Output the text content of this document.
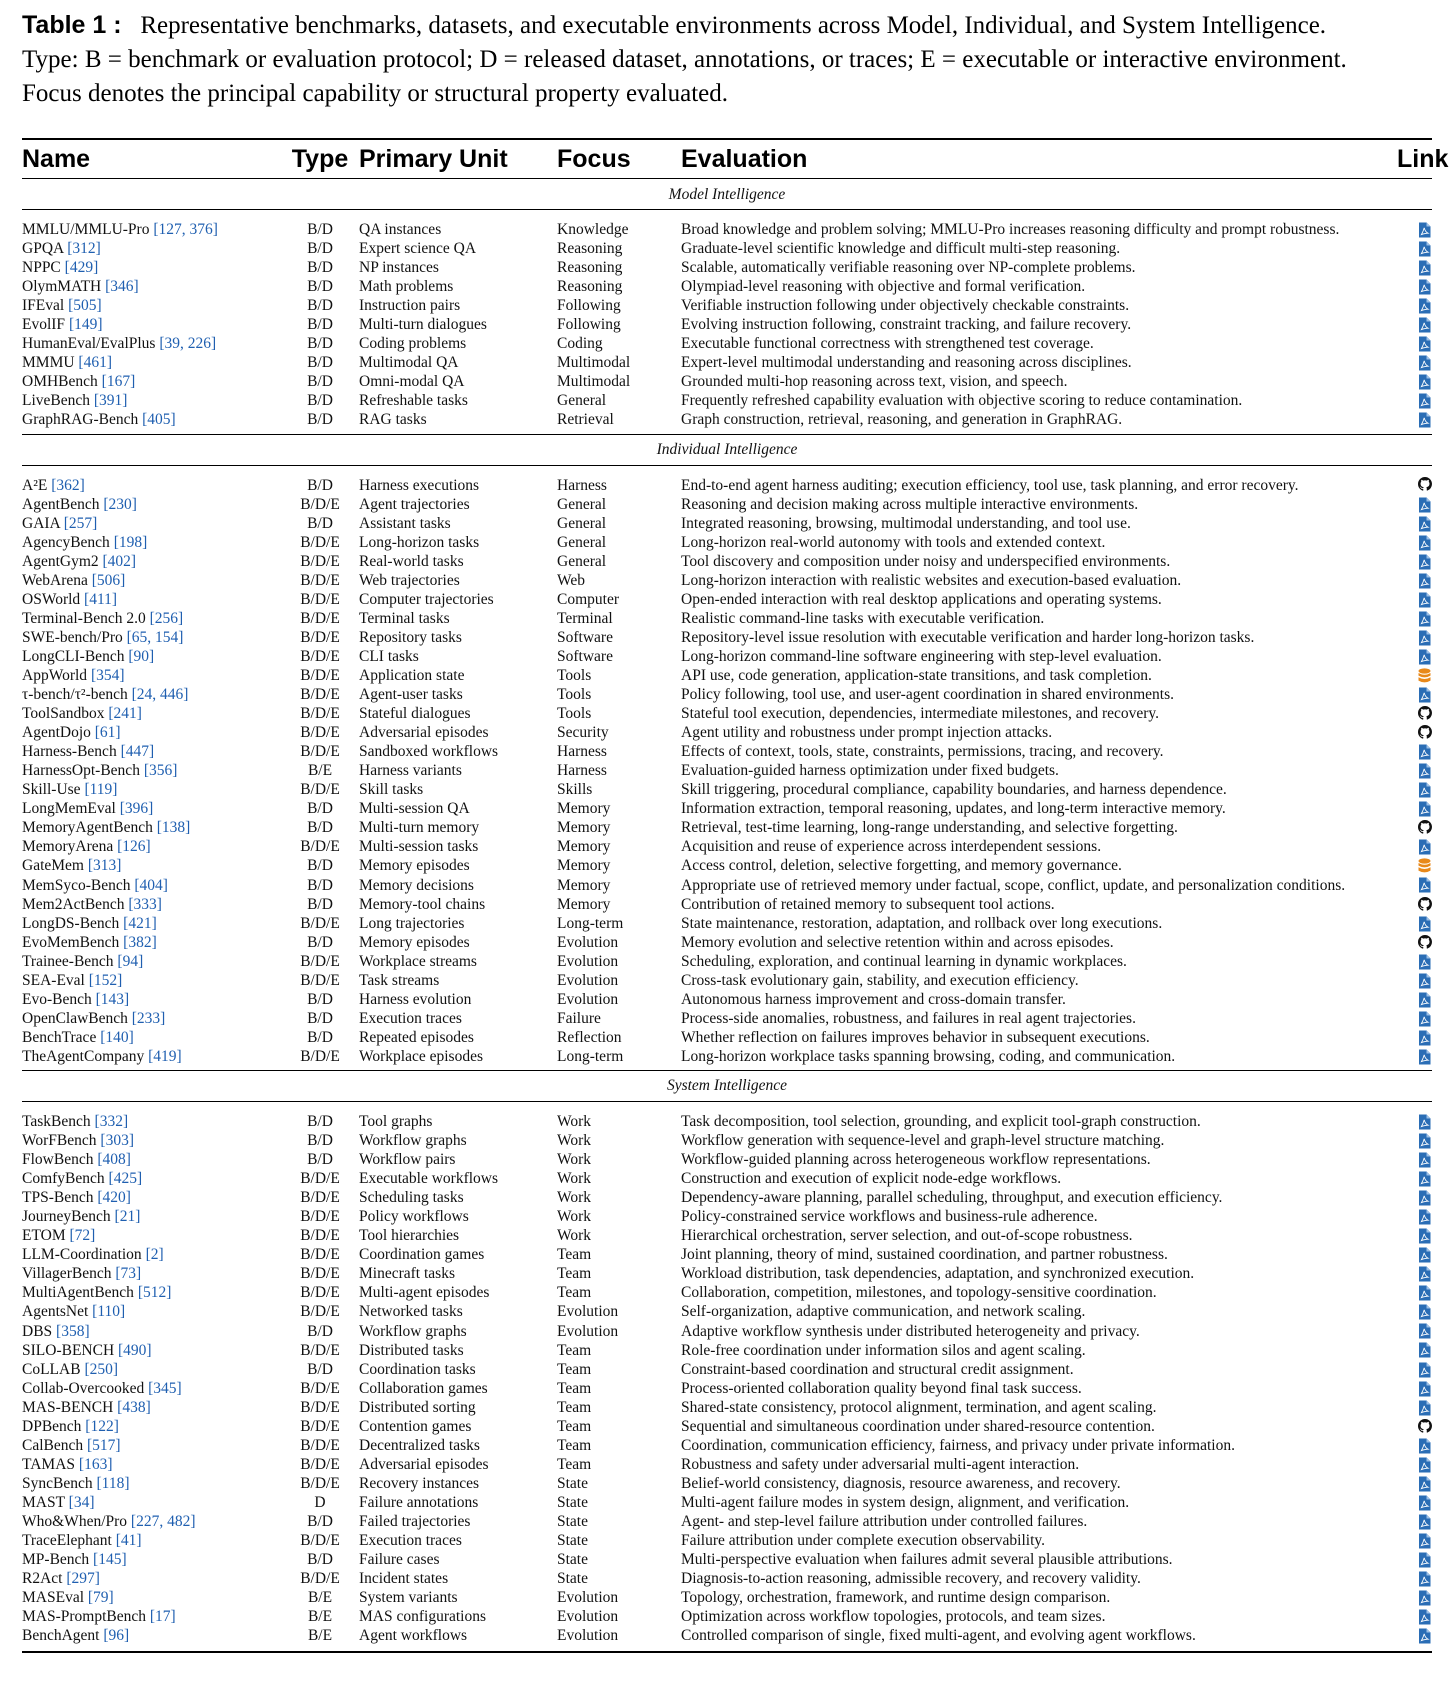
Table 1 : Representative benchmarks, datasets, and executable environments across Model, Individual, and System Intelligence.
Type: B = benchmark or evaluation protocol; D = released dataset, annotations, or traces; E = executable or interactive environment.
Focus denotes the principal capability or structural property evaluated.
Name	Type	Primary Unit	Focus	Evaluation	Link
Model Intelligence					

MMLU/MMLU-Pro [127, 376]	B/D	QA instances	Knowledge	Broad knowledge and problem solving; MMLU-Pro increases reasoning difficulty and prompt robustness.	

GPQA [312]	B/D	Expert science QA	Reasoning	Graduate-level scientific knowledge and difficult multi-step reasoning.	

NPPC [429]	B/D	NP instances	Reasoning	Scalable, automatically verifiable reasoning over NP-complete problems.	

OlymMATH [346]	B/D	Math problems	Reasoning	Olympiad-level reasoning with objective and formal verification.	

IFEval [505]	B/D	Instruction pairs	Following	Verifiable instruction following under objectively checkable constraints.	

EvolIF [149]	B/D	Multi-turn dialogues	Following	Evolving instruction following, constraint tracking, and failure recovery.	

HumanEval/EvalPlus [39, 226]	B/D	Coding problems	Coding	Executable functional correctness with strengthened test coverage.	

MMMU [461]	B/D	Multimodal QA	Multimodal	Expert-level multimodal understanding and reasoning across disciplines.	

OMHBench [167]	B/D	Omni-modal QA	Multimodal	Grounded multi-hop reasoning across text, vision, and speech.	

LiveBench [391]	B/D	Refreshable tasks	General	Frequently refreshed capability evaluation with objective scoring to reduce contamination.	

GraphRAG-Bench [405]	B/D	RAG tasks	Retrieval	Graph construction, retrieval, reasoning, and generation in GraphRAG.	

Individual Intelligence					

A²E [362]	B/D	Harness executions	Harness	End-to-end agent harness auditing; execution efficiency, tool use, task planning, and error recovery.	

AgentBench [230]	B/D/E	Agent trajectories	General	Reasoning and decision making across multiple interactive environments.	

GAIA [257]	B/D	Assistant tasks	General	Integrated reasoning, browsing, multimodal understanding, and tool use.	

AgencyBench [198]	B/D/E	Long-horizon tasks	General	Long-horizon real-world autonomy with tools and extended context.	

AgentGym2 [402]	B/D/E	Real-world tasks	General	Tool discovery and composition under noisy and underspecified environments.	

WebArena [506]	B/D/E	Web trajectories	Web	Long-horizon interaction with realistic websites and execution-based evaluation.	

OSWorld [411]	B/D/E	Computer trajectories	Computer	Open-ended interaction with real desktop applications and operating systems.	

Terminal-Bench 2.0 [256]	B/D/E	Terminal tasks	Terminal	Realistic command-line tasks with executable verification.	

SWE-bench/Pro [65, 154]	B/D/E	Repository tasks	Software	Repository-level issue resolution with executable verification and harder long-horizon tasks.	

LongCLI-Bench [90]	B/D/E	CLI tasks	Software	Long-horizon command-line software engineering with step-level evaluation.	

AppWorld [354]	B/D/E	Application state	Tools	API use, code generation, application-state transitions, and task completion.	

τ-bench/τ²-bench [24, 446]	B/D/E	Agent-user tasks	Tools	Policy following, tool use, and user-agent coordination in shared environments.	

ToolSandbox [241]	B/D/E	Stateful dialogues	Tools	Stateful tool execution, dependencies, intermediate milestones, and recovery.	

AgentDojo [61]	B/D/E	Adversarial episodes	Security	Agent utility and robustness under prompt injection attacks.	

Harness-Bench [447]	B/D/E	Sandboxed workflows	Harness	Effects of context, tools, state, constraints, permissions, tracing, and recovery.	

HarnessOpt-Bench [356]	B/E	Harness variants	Harness	Evaluation-guided harness optimization under fixed budgets.	

Skill-Use [119]	B/D/E	Skill tasks	Skills	Skill triggering, procedural compliance, capability boundaries, and harness dependence.	

LongMemEval [396]	B/D	Multi-session QA	Memory	Information extraction, temporal reasoning, updates, and long-term interactive memory.	

MemoryAgentBench [138]	B/D	Multi-turn memory	Memory	Retrieval, test-time learning, long-range understanding, and selective forgetting.	

MemoryArena [126]	B/D/E	Multi-session tasks	Memory	Acquisition and reuse of experience across interdependent sessions.	

GateMem [313]	B/D	Memory episodes	Memory	Access control, deletion, selective forgetting, and memory governance.	

MemSyco-Bench [404]	B/D	Memory decisions	Memory	Appropriate use of retrieved memory under factual, scope, conflict, update, and personalization conditions.	

Mem2ActBench [333]	B/D	Memory-tool chains	Memory	Contribution of retained memory to subsequent tool actions.	

LongDS-Bench [421]	B/D/E	Long trajectories	Long-term	State maintenance, restoration, adaptation, and rollback over long executions.	

EvoMemBench [382]	B/D	Memory episodes	Evolution	Memory evolution and selective retention within and across episodes.	

Trainee-Bench [94]	B/D/E	Workplace streams	Evolution	Scheduling, exploration, and continual learning in dynamic workplaces.	

SEA-Eval [152]	B/D/E	Task streams	Evolution	Cross-task evolutionary gain, stability, and execution efficiency.	

Evo-Bench [143]	B/D	Harness evolution	Evolution	Autonomous harness improvement and cross-domain transfer.	

OpenClawBench [233]	B/D	Execution traces	Failure	Process-side anomalies, robustness, and failures in real agent trajectories.	

BenchTrace [140]	B/D	Repeated episodes	Reflection	Whether reflection on failures improves behavior in subsequent executions.	

TheAgentCompany [419]	B/D/E	Workplace episodes	Long-term	Long-horizon workplace tasks spanning browsing, coding, and communication.	

System Intelligence					

TaskBench [332]	B/D	Tool graphs	Work	Task decomposition, tool selection, grounding, and explicit tool-graph construction.	

WorFBench [303]	B/D	Workflow graphs	Work	Workflow generation with sequence-level and graph-level structure matching.	

FlowBench [408]	B/D	Workflow pairs	Work	Workflow-guided planning across heterogeneous workflow representations.	

ComfyBench [425]	B/D/E	Executable workflows	Work	Construction and execution of explicit node-edge workflows.	

TPS-Bench [420]	B/D/E	Scheduling tasks	Work	Dependency-aware planning, parallel scheduling, throughput, and execution efficiency.	

JourneyBench [21]	B/D/E	Policy workflows	Work	Policy-constrained service workflows and business-rule adherence.	

ETOM [72]	B/D/E	Tool hierarchies	Work	Hierarchical orchestration, server selection, and out-of-scope robustness.	

LLM-Coordination [2]	B/D/E	Coordination games	Team	Joint planning, theory of mind, sustained coordination, and partner robustness.	

VillagerBench [73]	B/D/E	Minecraft tasks	Team	Workload distribution, task dependencies, adaptation, and synchronized execution.	

MultiAgentBench [512]	B/D/E	Multi-agent episodes	Team	Collaboration, competition, milestones, and topology-sensitive coordination.	

AgentsNet [110]	B/D/E	Networked tasks	Evolution	Self-organization, adaptive communication, and network scaling.	

DBS [358]	B/D	Workflow graphs	Evolution	Adaptive workflow synthesis under distributed heterogeneity and privacy.	

SILO-BENCH [490]	B/D/E	Distributed tasks	Team	Role-free coordination under information silos and agent scaling.	

CoLLAB [250]	B/D	Coordination tasks	Team	Constraint-based coordination and structural credit assignment.	

Collab-Overcooked [345]	B/D/E	Collaboration games	Team	Process-oriented collaboration quality beyond final task success.	

MAS-BENCH [438]	B/D/E	Distributed sorting	Team	Shared-state consistency, protocol alignment, termination, and agent scaling.	

DPBench [122]	B/D/E	Contention games	Team	Sequential and simultaneous coordination under shared-resource contention.	

CalBench [517]	B/D/E	Decentralized tasks	Team	Coordination, communication efficiency, fairness, and privacy under private information.	

TAMAS [163]	B/D/E	Adversarial episodes	Team	Robustness and safety under adversarial multi-agent interaction.	

SyncBench [118]	B/D/E	Recovery instances	State	Belief-world consistency, diagnosis, resource awareness, and recovery.	

MAST [34]	D	Failure annotations	State	Multi-agent failure modes in system design, alignment, and verification.	

Who&When/Pro [227, 482]	B/D	Failed trajectories	State	Agent- and step-level failure attribution under controlled failures.	

TraceElephant [41]	B/D/E	Execution traces	State	Failure attribution under complete execution observability.	

MP-Bench [145]	B/D	Failure cases	State	Multi-perspective evaluation when failures admit several plausible attributions.	

R2Act [297]	B/D/E	Incident states	State	Diagnosis-to-action reasoning, admissible recovery, and recovery validity.	

MASEval [79]	B/E	System variants	Evolution	Topology, orchestration, framework, and runtime design comparison.	

MAS-PromptBench [17]	B/E	MAS configurations	Evolution	Optimization across workflow topologies, protocols, and team sizes.	

BenchAgent [96]	B/E	Agent workflows	Evolution	Controlled comparison of single, fixed multi-agent, and evolving agent workflows.	
